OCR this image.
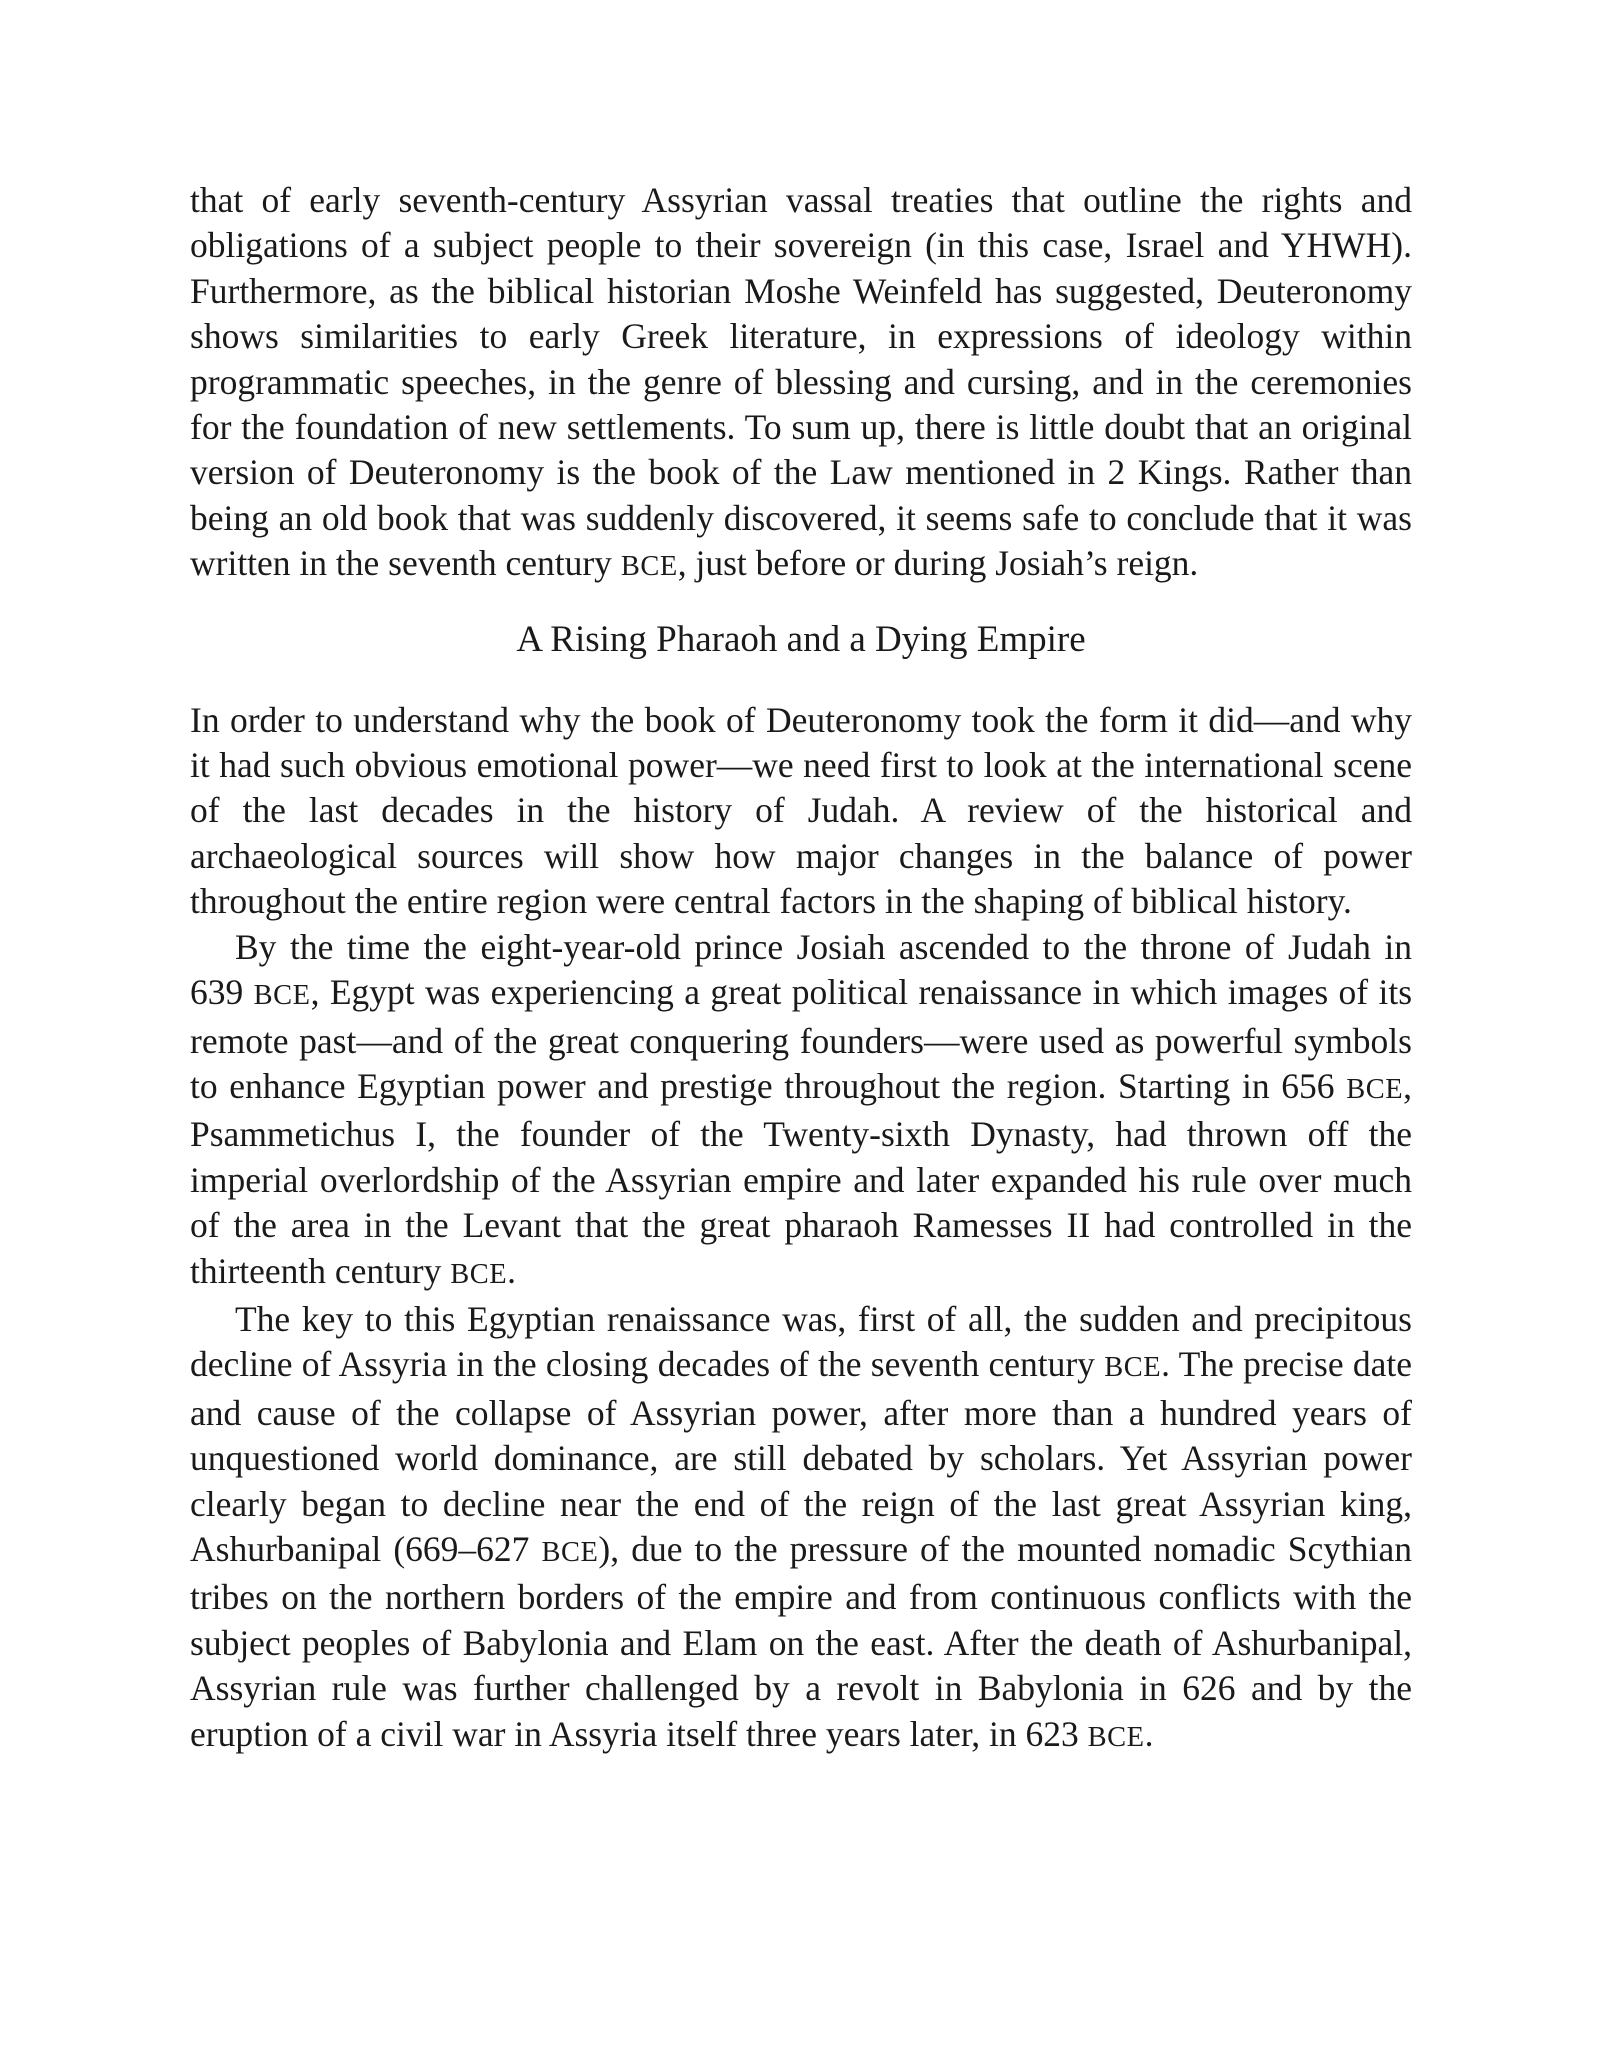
that of early seventh-century Assyrian vassal treaties that outline the rights and obligations of a subject people to their sovereign (in this case, Israel and YHWH). Furthermore, as the biblical historian Moshe Weinfeld has suggested, Deuteronomy shows similarities to early Greek literature, in expressions of ideology within programmatic speeches, in the genre of blessing and cursing, and in the ceremonies for the foundation of new settlements. To sum up, there is little doubt that an original version of Deuteronomy is the book of the Law mentioned in 2 Kings. Rather than being an old book that was suddenly discovered, it seems safe to conclude that it was written in the seventh century BCE, just before or during Josiah’s reign.

A Rising Pharaoh and a Dying Empire

In order to understand why the book of Deuteronomy took the form it did—and why it had such obvious emotional power—we need first to look at the international scene of the last decades in the history of Judah. A review of the historical and archaeological sources will show how major changes in the balance of power throughout the entire region were central factors in the shaping of biblical history.

By the time the eight-year-old prince Josiah ascended to the throne of Judah in 639 BCE, Egypt was experiencing a great political renaissance in which images of its remote past—and of the great conquering founders—were used as powerful symbols to enhance Egyptian power and prestige throughout the region. Starting in 656 BCE, Psammetichus I, the founder of the Twenty-sixth Dynasty, had thrown off the imperial overlordship of the Assyrian empire and later expanded his rule over much of the area in the Levant that the great pharaoh Ramesses II had controlled in the thirteenth century BCE.

The key to this Egyptian renaissance was, first of all, the sudden and precipitous decline of Assyria in the closing decades of the seventh century BCE. The precise date and cause of the collapse of Assyrian power, after more than a hundred years of unquestioned world dominance, are still debated by scholars. Yet Assyrian power clearly began to decline near the end of the reign of the last great Assyrian king, Ashurbanipal (669–627 BCE), due to the pressure of the mounted nomadic Scythian tribes on the northern borders of the empire and from continuous conflicts with the subject peoples of Babylonia and Elam on the east. After the death of Ashurbanipal, Assyrian rule was further challenged by a revolt in Babylonia in 626 and by the eruption of a civil war in Assyria itself three years later, in 623 BCE.
